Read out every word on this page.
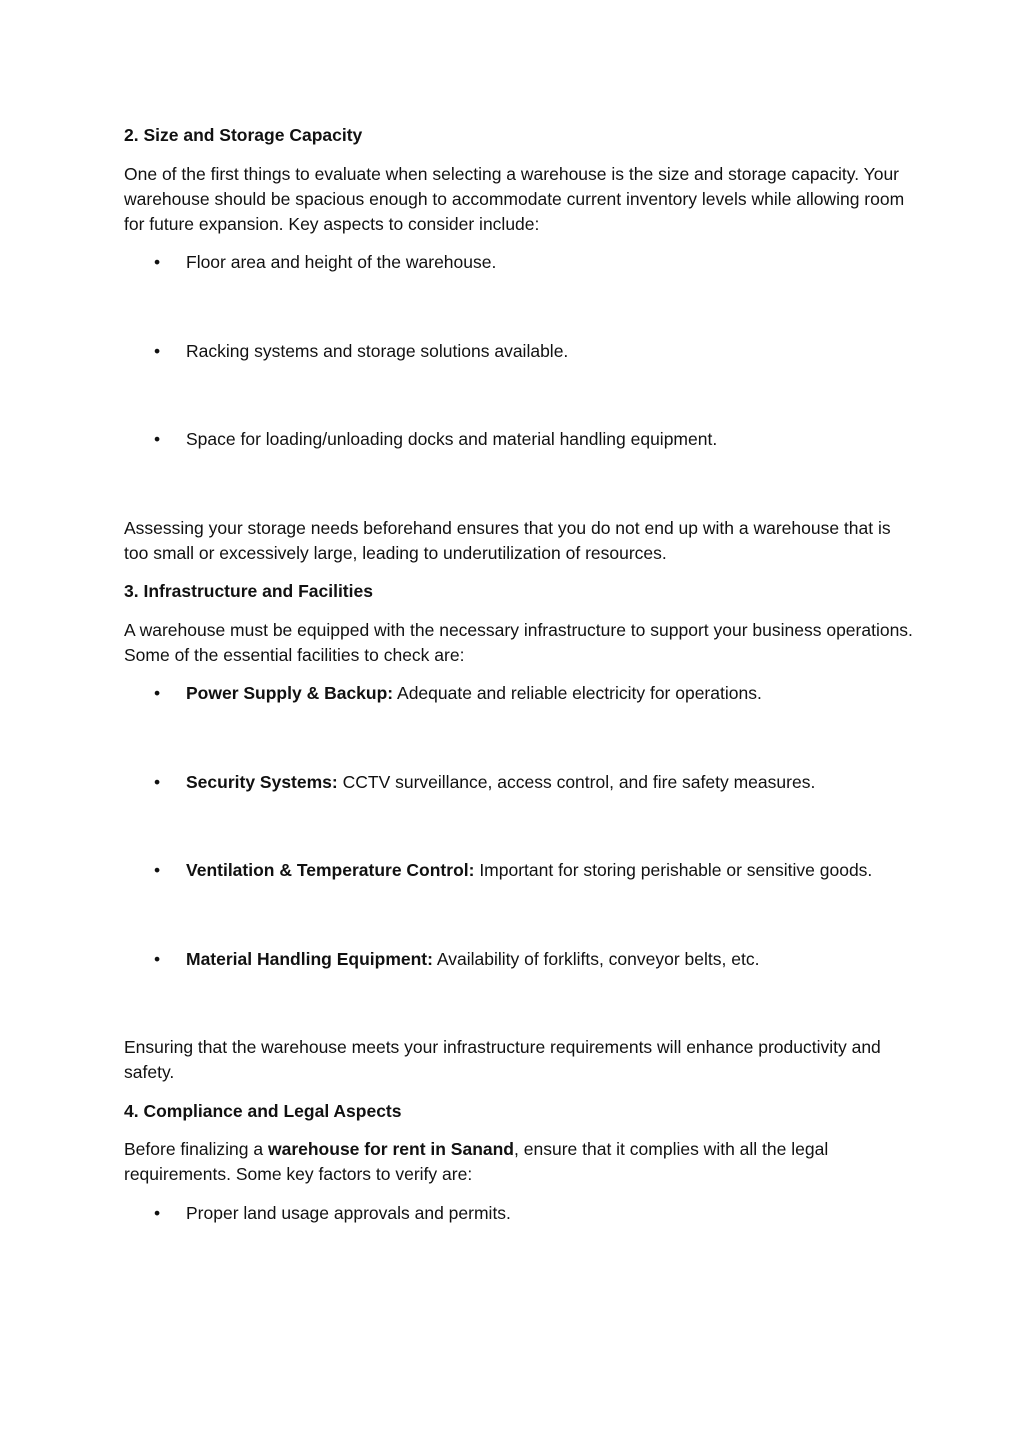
2. Size and Storage Capacity

One of the first things to evaluate when selecting a warehouse is the size and storage capacity. Your warehouse should be spacious enough to accommodate current inventory levels while allowing room for future expansion. Key aspects to consider include:

• Floor area and height of the warehouse.
• Racking systems and storage solutions available.
• Space for loading/unloading docks and material handling equipment.

Assessing your storage needs beforehand ensures that you do not end up with a warehouse that is too small or excessively large, leading to underutilization of resources.

3. Infrastructure and Facilities

A warehouse must be equipped with the necessary infrastructure to support your business operations. Some of the essential facilities to check are:

• Power Supply & Backup: Adequate and reliable electricity for operations.
• Security Systems: CCTV surveillance, access control, and fire safety measures.
• Ventilation & Temperature Control: Important for storing perishable or sensitive goods.
• Material Handling Equipment: Availability of forklifts, conveyor belts, etc.

Ensuring that the warehouse meets your infrastructure requirements will enhance productivity and safety.

4. Compliance and Legal Aspects

Before finalizing a warehouse for rent in Sanand, ensure that it complies with all the legal requirements. Some key factors to verify are:

• Proper land usage approvals and permits.
